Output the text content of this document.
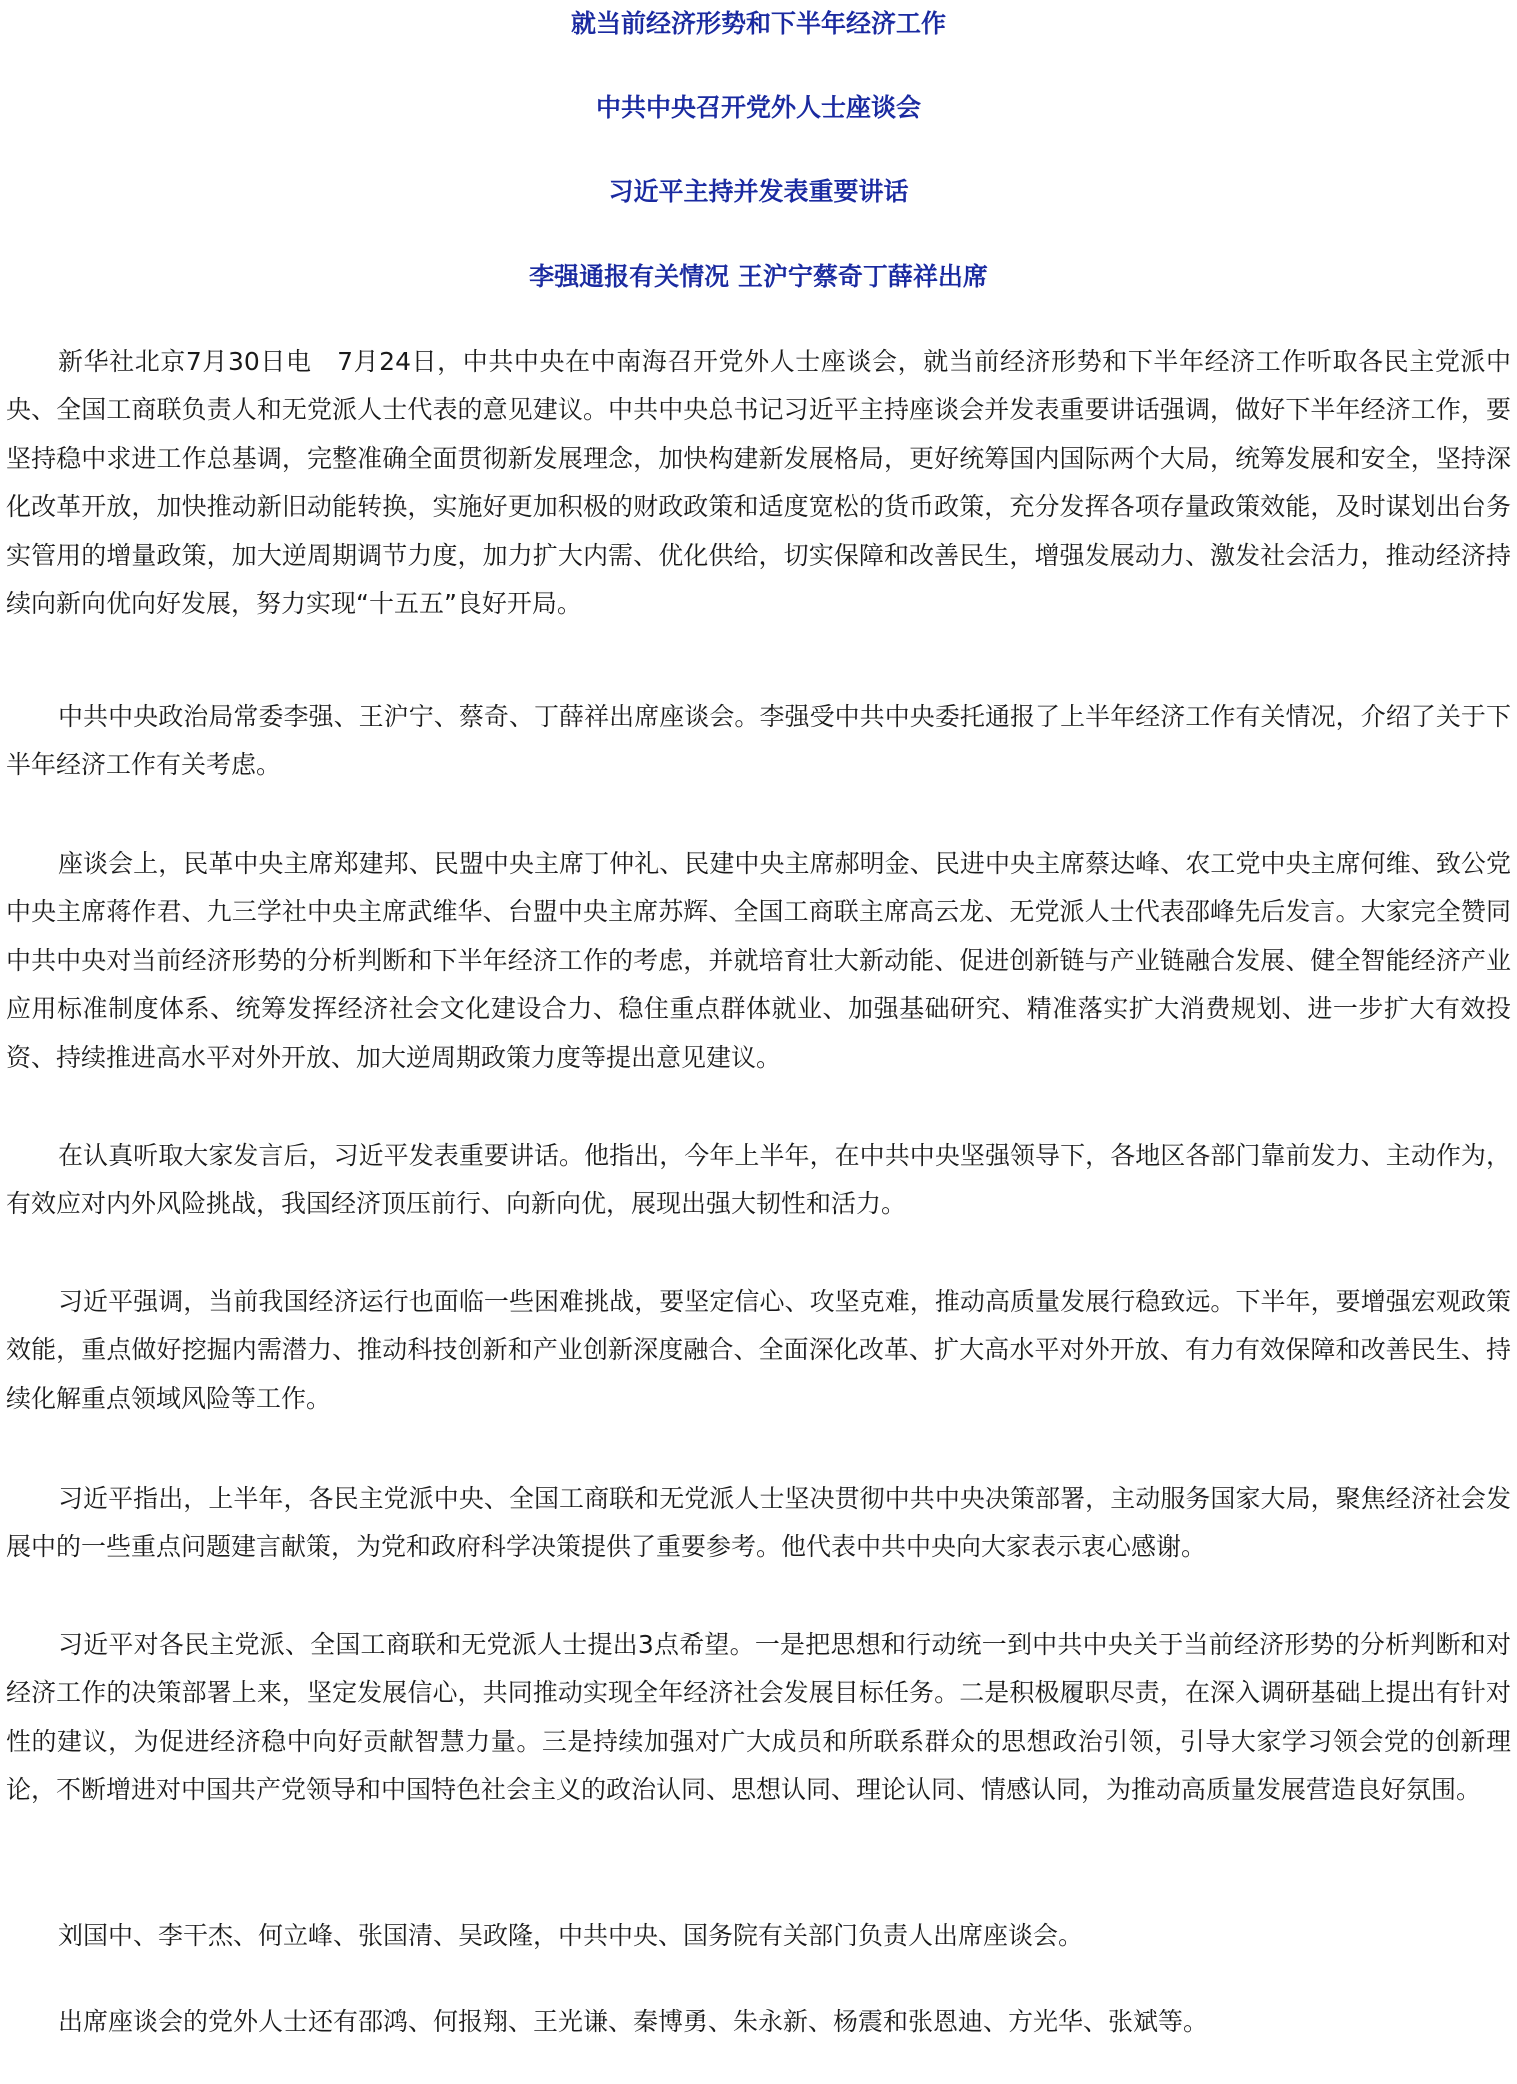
就当前经济形势和下半年经济工作
中共中央召开党外人士座谈会
习近平主持并发表重要讲话
李强通报有关情况 王沪宁蔡奇丁薛祥出席

新华社北京7月30日电　7月24日，中共中央在中南海召开党外人士座谈会，就当前经济形势和下半年经济工作听取各民主党派中央、全国工商联负责人和无党派人士代表的意见建议。中共中央总书记习近平主持座谈会并发表重要讲话强调，做好下半年经济工作，要坚持稳中求进工作总基调，完整准确全面贯彻新发展理念，加快构建新发展格局，更好统筹国内国际两个大局，统筹发展和安全，坚持深化改革开放，加快推动新旧动能转换，实施好更加积极的财政政策和适度宽松的货币政策，充分发挥各项存量政策效能，及时谋划出台务实管用的增量政策，加大逆周期调节力度，加力扩大内需、优化供给，切实保障和改善民生，增强发展动力、激发社会活力，推动经济持续向新向优向好发展，努力实现“十五五”良好开局。

中共中央政治局常委李强、王沪宁、蔡奇、丁薛祥出席座谈会。李强受中共中央委托通报了上半年经济工作有关情况，介绍了关于下半年经济工作有关考虑。

座谈会上，民革中央主席郑建邦、民盟中央主席丁仲礼、民建中央主席郝明金、民进中央主席蔡达峰、农工党中央主席何维、致公党中央主席蒋作君、九三学社中央主席武维华、台盟中央主席苏辉、全国工商联主席高云龙、无党派人士代表邵峰先后发言。大家完全赞同中共中央对当前经济形势的分析判断和下半年经济工作的考虑，并就培育壮大新动能、促进创新链与产业链融合发展、健全智能经济产业应用标准制度体系、统筹发挥经济社会文化建设合力、稳住重点群体就业、加强基础研究、精准落实扩大消费规划、进一步扩大有效投资、持续推进高水平对外开放、加大逆周期政策力度等提出意见建议。

在认真听取大家发言后，习近平发表重要讲话。他指出，今年上半年，在中共中央坚强领导下，各地区各部门靠前发力、主动作为，有效应对内外风险挑战，我国经济顶压前行、向新向优，展现出强大韧性和活力。

习近平强调，当前我国经济运行也面临一些困难挑战，要坚定信心、攻坚克难，推动高质量发展行稳致远。下半年，要增强宏观政策效能，重点做好挖掘内需潜力、推动科技创新和产业创新深度融合、全面深化改革、扩大高水平对外开放、有力有效保障和改善民生、持续化解重点领域风险等工作。

习近平指出，上半年，各民主党派中央、全国工商联和无党派人士坚决贯彻中共中央决策部署，主动服务国家大局，聚焦经济社会发展中的一些重点问题建言献策，为党和政府科学决策提供了重要参考。他代表中共中央向大家表示衷心感谢。

习近平对各民主党派、全国工商联和无党派人士提出3点希望。一是把思想和行动统一到中共中央关于当前经济形势的分析判断和对经济工作的决策部署上来，坚定发展信心，共同推动实现全年经济社会发展目标任务。二是积极履职尽责，在深入调研基础上提出有针对性的建议，为促进经济稳中向好贡献智慧力量。三是持续加强对广大成员和所联系群众的思想政治引领，引导大家学习领会党的创新理论，不断增进对中国共产党领导和中国特色社会主义的政治认同、思想认同、理论认同、情感认同，为推动高质量发展营造良好氛围。

刘国中、李干杰、何立峰、张国清、吴政隆，中共中央、国务院有关部门负责人出席座谈会。

出席座谈会的党外人士还有邵鸿、何报翔、王光谦、秦博勇、朱永新、杨震和张恩迪、方光华、张斌等。
